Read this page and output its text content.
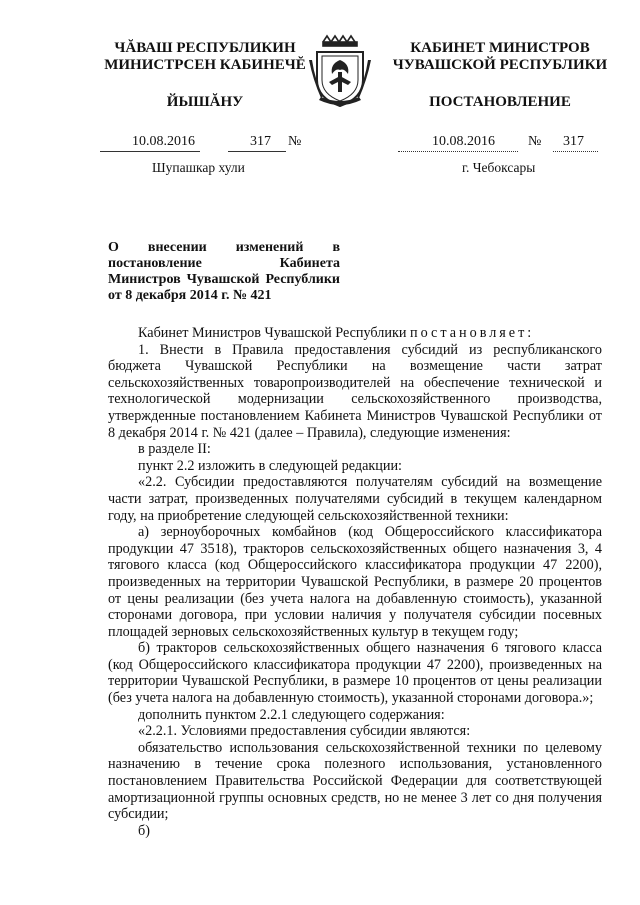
ЧĂВАШ РЕСПУБЛИКИН
МИНИСТРСЕН КАБИНЕЧĔ
ЙЫШĂНУ
КАБИНЕТ МИНИСТРОВ
ЧУВАШСКОЙ РЕСПУБЛИКИ
ПОСТАНОВЛЕНИЕ
10.08.2016	317 №	10.08.2016 № 317
Шупашкар хули	г. Чебоксары
О внесении изменений в постановление Кабинета Министров Чувашской Республики от 8 декабря 2014 г. № 421

Кабинет Министров Чувашской Республики постановляет:

1. Внести в Правила предоставления субсидий из республиканского бюджета Чувашской Республики на возмещение части затрат сельскохозяйственных товаропроизводителей на обеспечение технической и технологической модернизации сельскохозяйственного производства, утвержденные постановлением Кабинета Министров Чувашской Республики от 8 декабря 2014 г. № 421 (далее – Правила), следующие изменения:

в разделе II:

пункт 2.2 изложить в следующей редакции:

«2.2. Субсидии предоставляются получателям субсидий на возмещение части затрат, произведенных получателями субсидий в текущем календарном году, на приобретение следующей сельскохозяйственной техники:

а) зерноуборочных комбайнов (код Общероссийского классификатора продукции 47 3518), тракторов сельскохозяйственных общего назначения 3, 4 тягового класса (код Общероссийского классификатора продукции 47 2200), произведенных на территории Чувашской Республики, в размере 20 процентов от цены реализации (без учета налога на добавленную стоимость), указанной сторонами договора, при условии наличия у получателя субсидии посевных площадей зерновых сельскохозяйственных культур в текущем году;

б) тракторов сельскохозяйственных общего назначения 6 тягового класса (код Общероссийского классификатора продукции 47 2200), произведенных на территории Чувашской Республики, в размере 10 процентов от цены реализации (без учета налога на добавленную стоимость), указанной сторонами договора.»;

дополнить пунктом 2.2.1 следующего содержания:

«2.2.1. Условиями предоставления субсидии являются:

обязательство использования сельскохозяйственной техники по целевому назначению в течение срока полезного использования, установленного постановлением Правительства Российской Федерации для соответствующей амортизационной группы основных средств, но не менее 3 лет со дня получения субсидии;

б)
